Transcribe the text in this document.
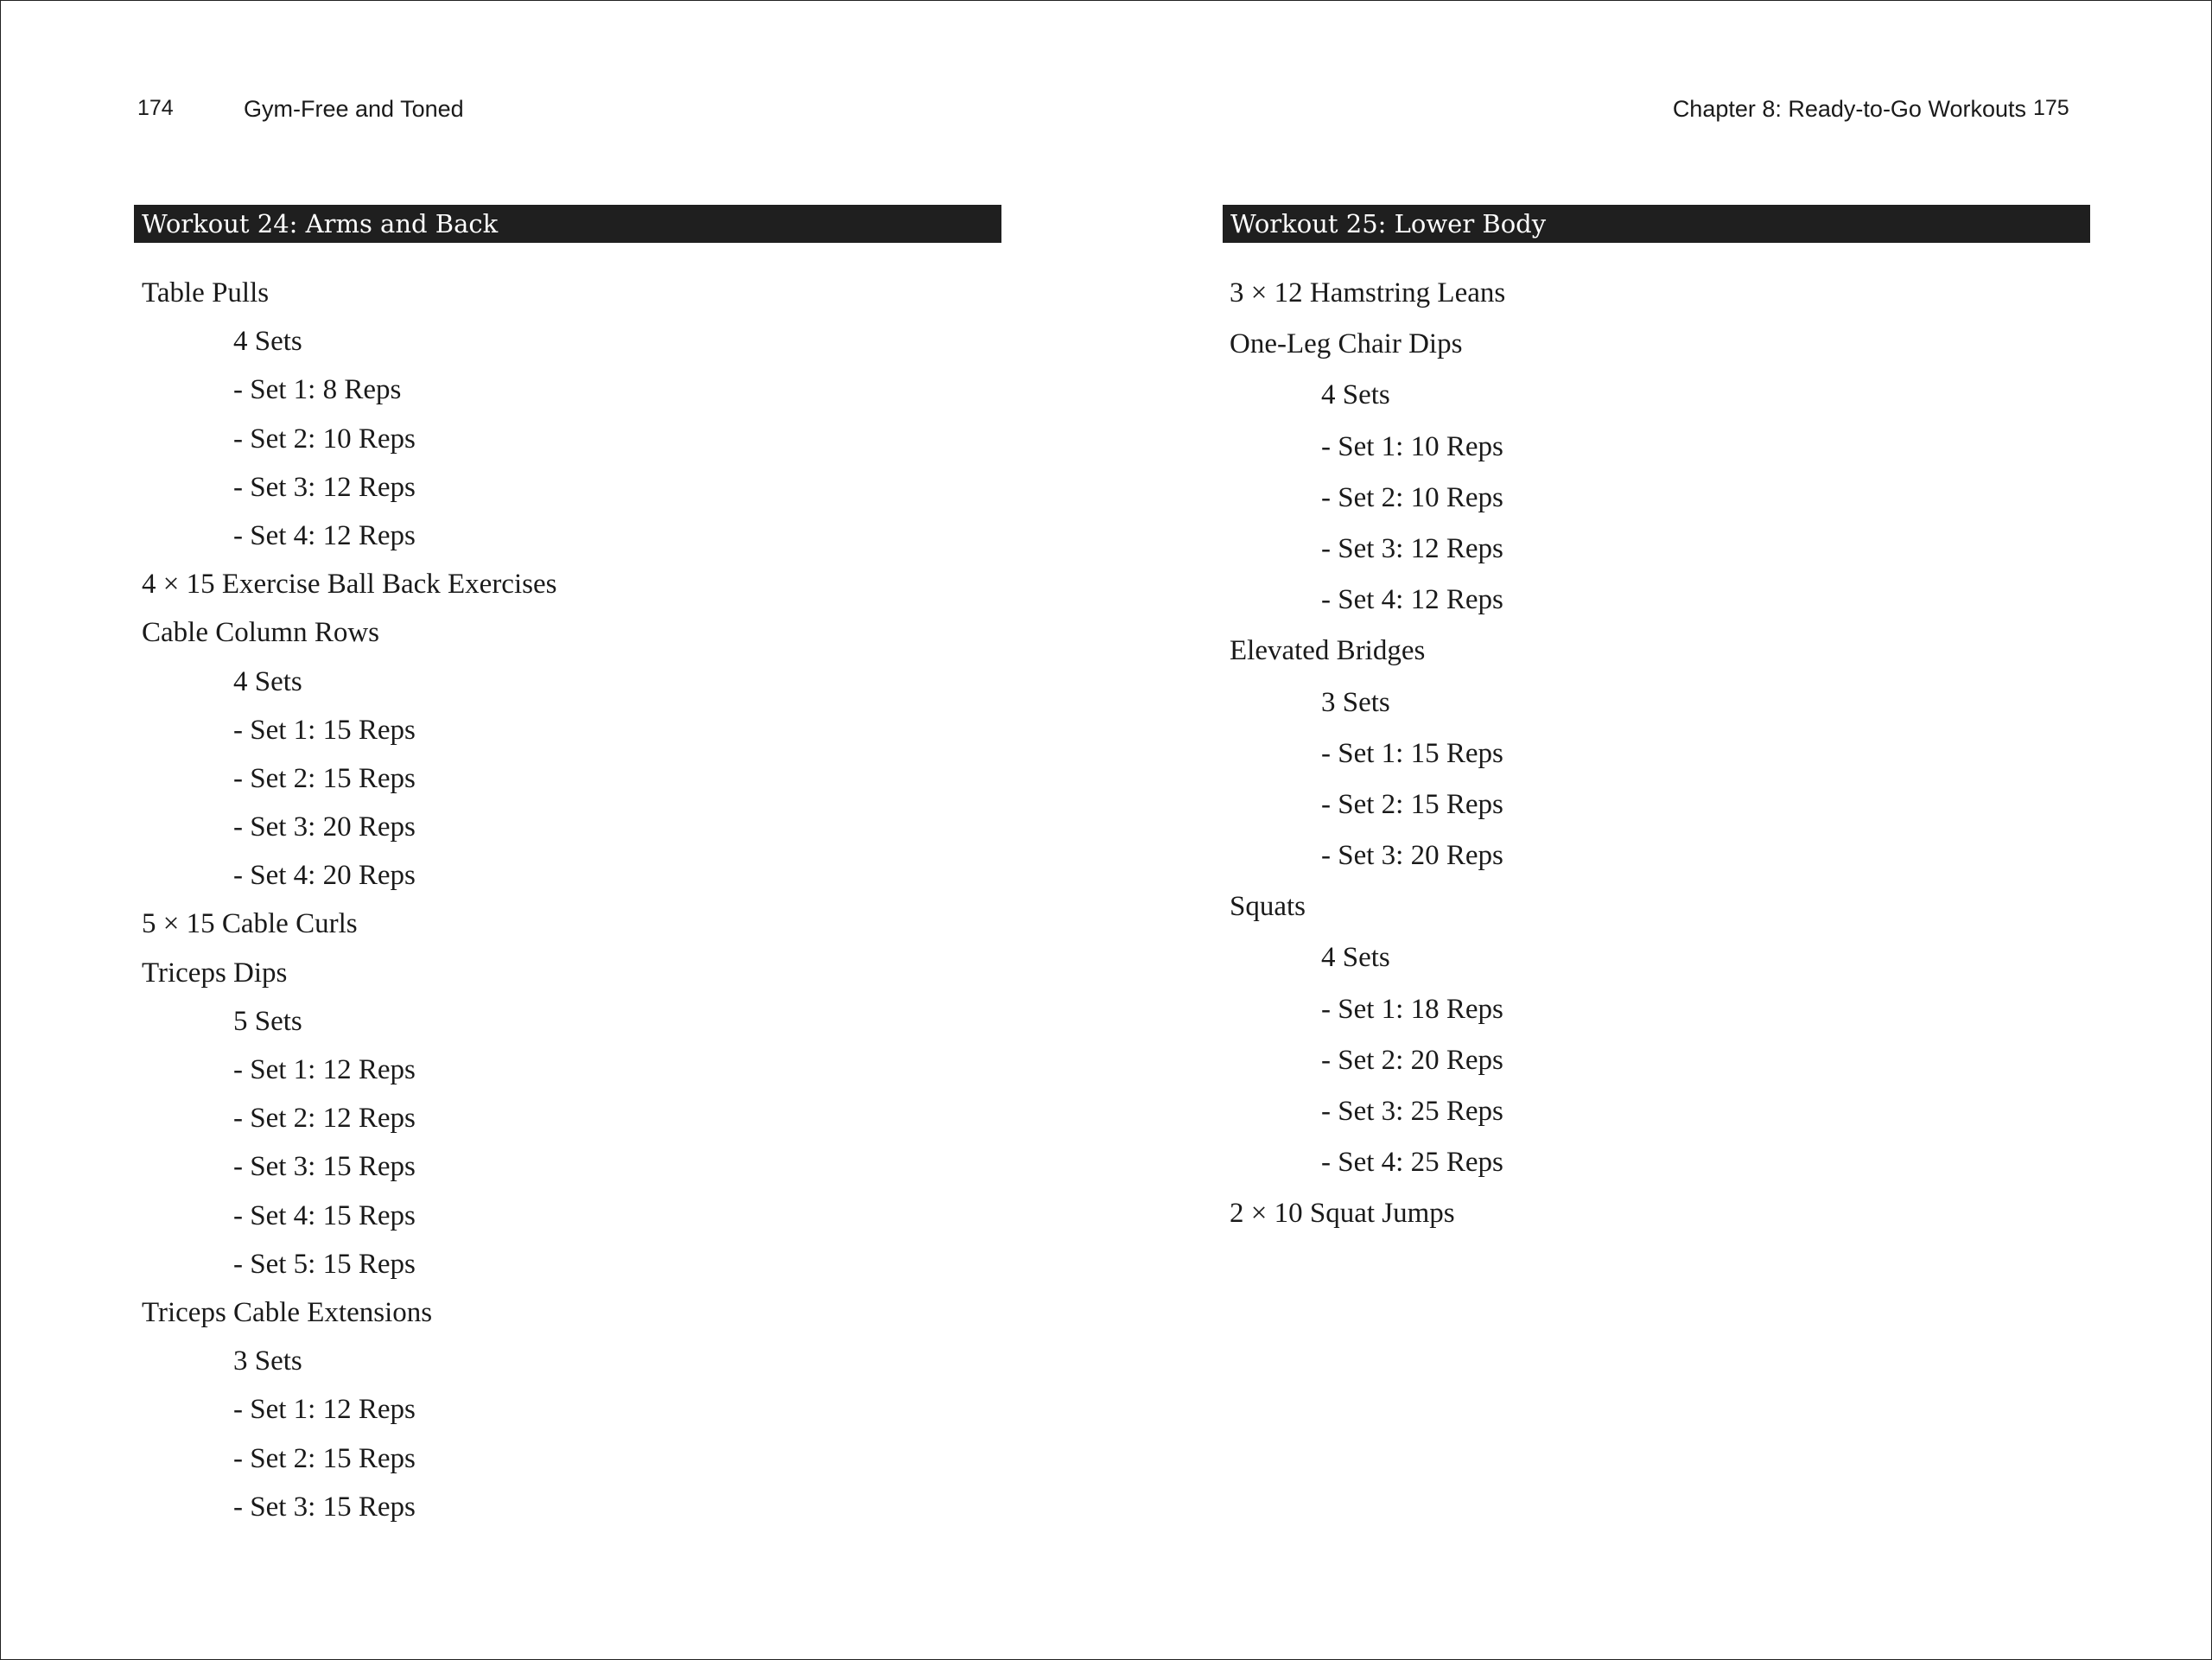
174	Gym-Free and Toned
Workout 24: Arms and Back
Table Pulls
4 Sets
- Set 1: 8 Reps
- Set 2: 10 Reps
- Set 3: 12 Reps
- Set 4: 12 Reps
4 × 15 Exercise Ball Back Exercises
Cable Column Rows
4 Sets
- Set 1: 15 Reps
- Set 2: 15 Reps
- Set 3: 20 Reps
- Set 4: 20 Reps
5 × 15 Cable Curls
Triceps Dips
5 Sets
- Set 1: 12 Reps
- Set 2: 12 Reps
- Set 3: 15 Reps
- Set 4: 15 Reps
- Set 5: 15 Reps
Triceps Cable Extensions
3 Sets
- Set 1: 12 Reps
- Set 2: 15 Reps
- Set 3: 15 Reps
Chapter 8: Ready-to-Go Workouts 175
Workout 25: Lower Body
3 × 12 Hamstring Leans
One-Leg Chair Dips
4 Sets
- Set 1: 10 Reps
- Set 2: 10 Reps
- Set 3: 12 Reps
- Set 4: 12 Reps
Elevated Bridges
3 Sets
- Set 1: 15 Reps
- Set 2: 15 Reps
- Set 3: 20 Reps
Squats
4 Sets
- Set 1: 18 Reps
- Set 2: 20 Reps
- Set 3: 25 Reps
- Set 4: 25 Reps
2 × 10 Squat Jumps
